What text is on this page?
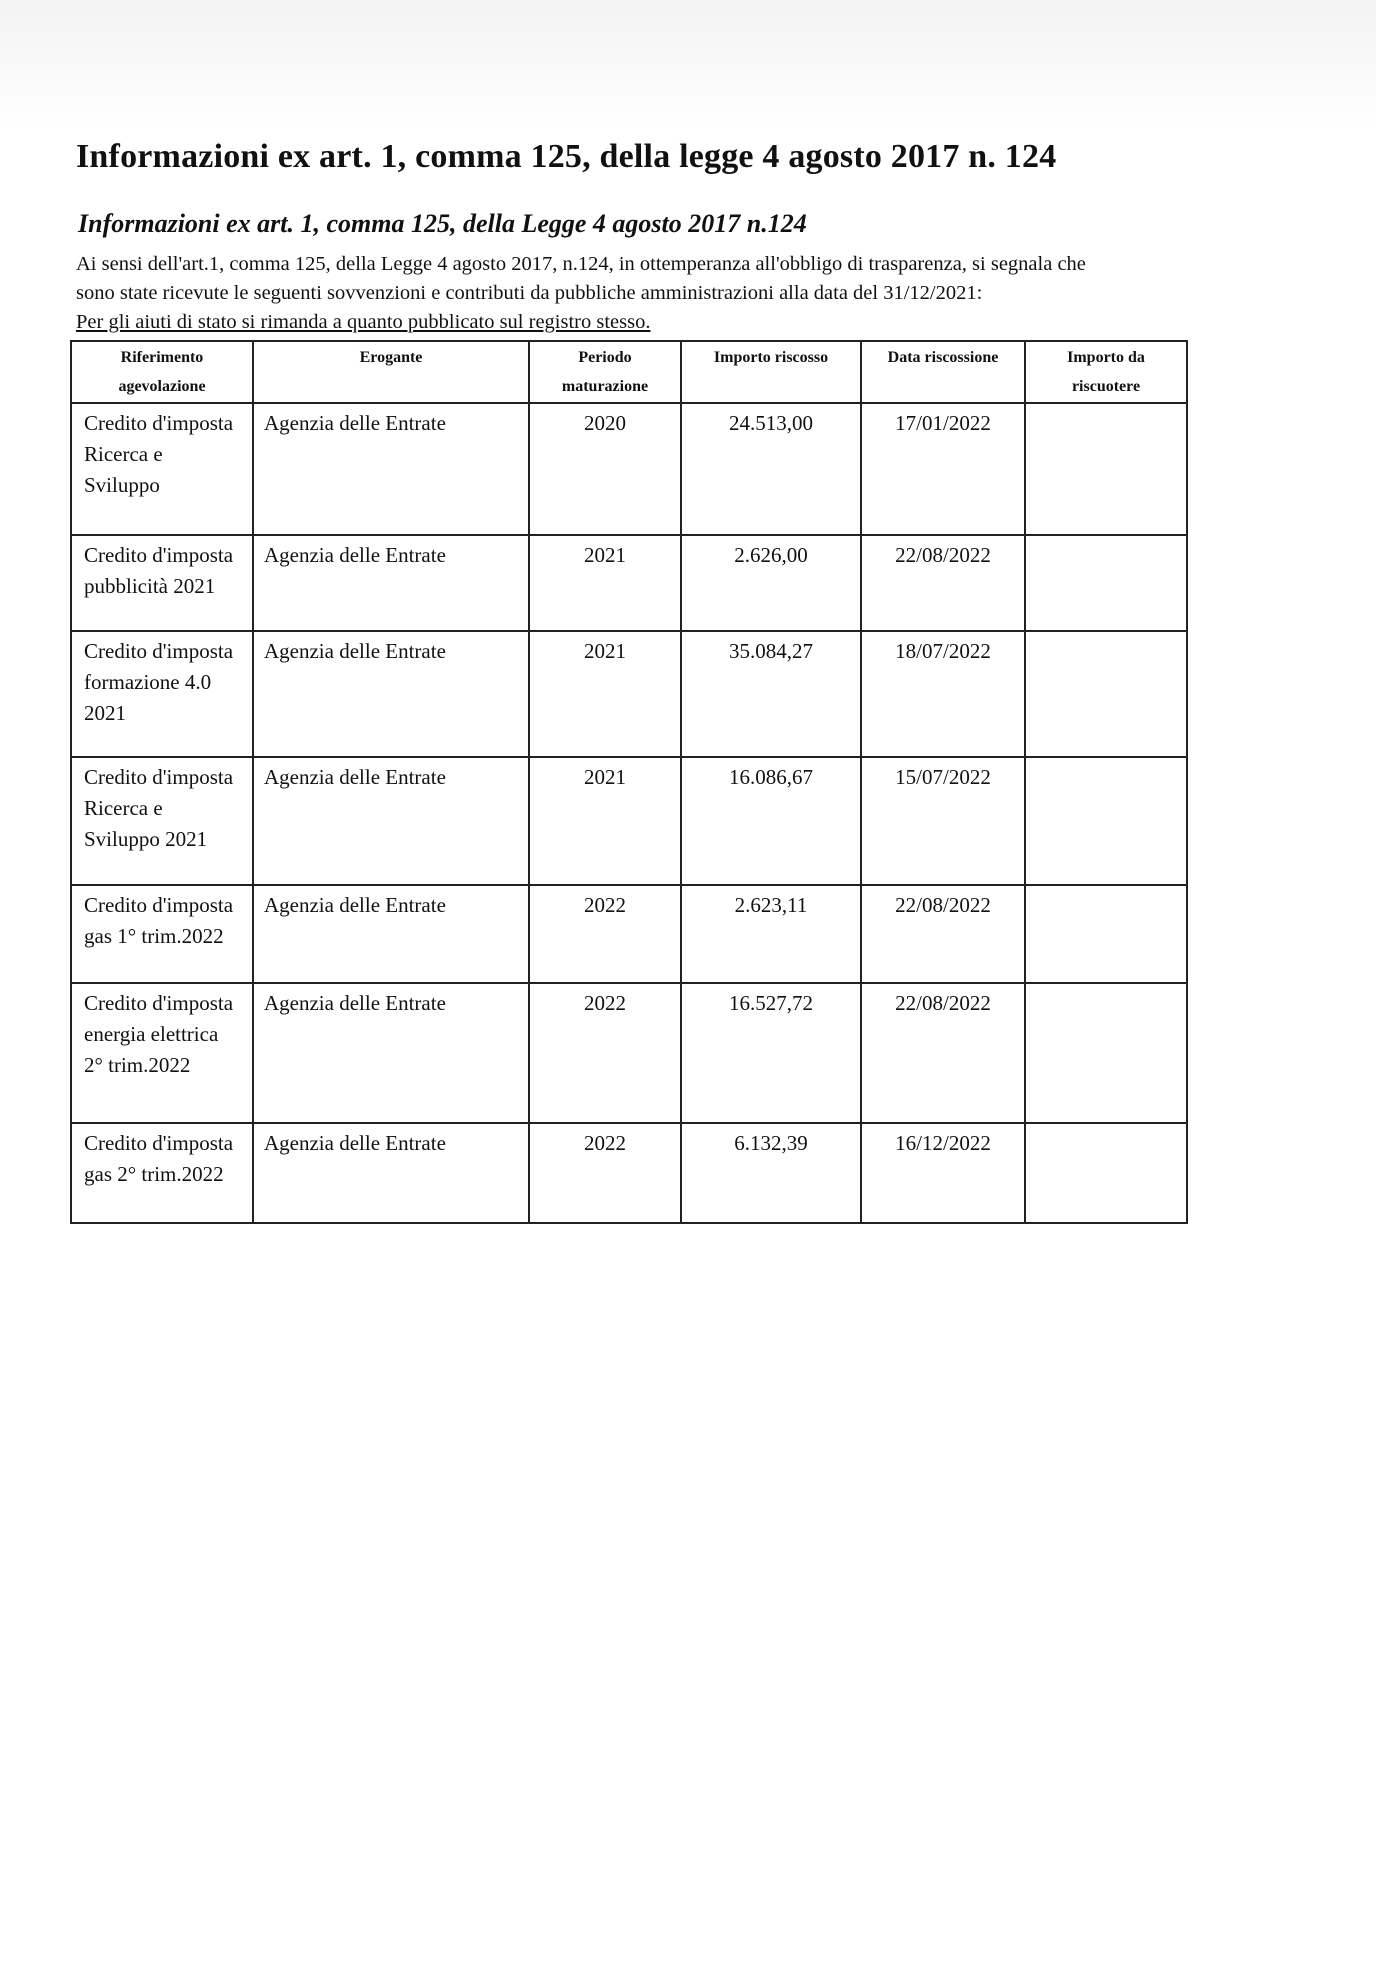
Informazioni ex art. 1, comma 125, della legge 4 agosto 2017 n. 124
Informazioni ex art. 1, comma 125, della Legge 4 agosto 2017 n.124

Ai sensi dell'art.1, comma 125, della Legge 4 agosto 2017, n.124, in ottemperanza all'obbligo di trasparenza, si segnala che
sono state ricevute le seguenti sovvenzioni e contributi da pubbliche amministrazioni alla data del 31/12/2021:
Per gli aiuti di stato si rimanda a quanto pubblicato sul registro stesso.

Riferimento agevolazione	Erogante	Periodo maturazione	Importo riscosso	Data riscossione	Importo da riscuotere
Credito d'imposta Ricerca e Sviluppo	Agenzia delle Entrate	2020	24.513,00	17/01/2022	
Credito d'imposta pubblicità 2021	Agenzia delle Entrate	2021	2.626,00	22/08/2022	
Credito d'imposta formazione 4.0 2021	Agenzia delle Entrate	2021	35.084,27	18/07/2022	
Credito d'imposta Ricerca e Sviluppo 2021	Agenzia delle Entrate	2021	16.086,67	15/07/2022	
Credito d'imposta gas 1° trim.2022	Agenzia delle Entrate	2022	2.623,11	22/08/2022	
Credito d'imposta energia elettrica 2° trim.2022	Agenzia delle Entrate	2022	16.527,72	22/08/2022	
Credito d'imposta gas 2° trim.2022	Agenzia delle Entrate	2022	6.132,39	16/12/2022	
